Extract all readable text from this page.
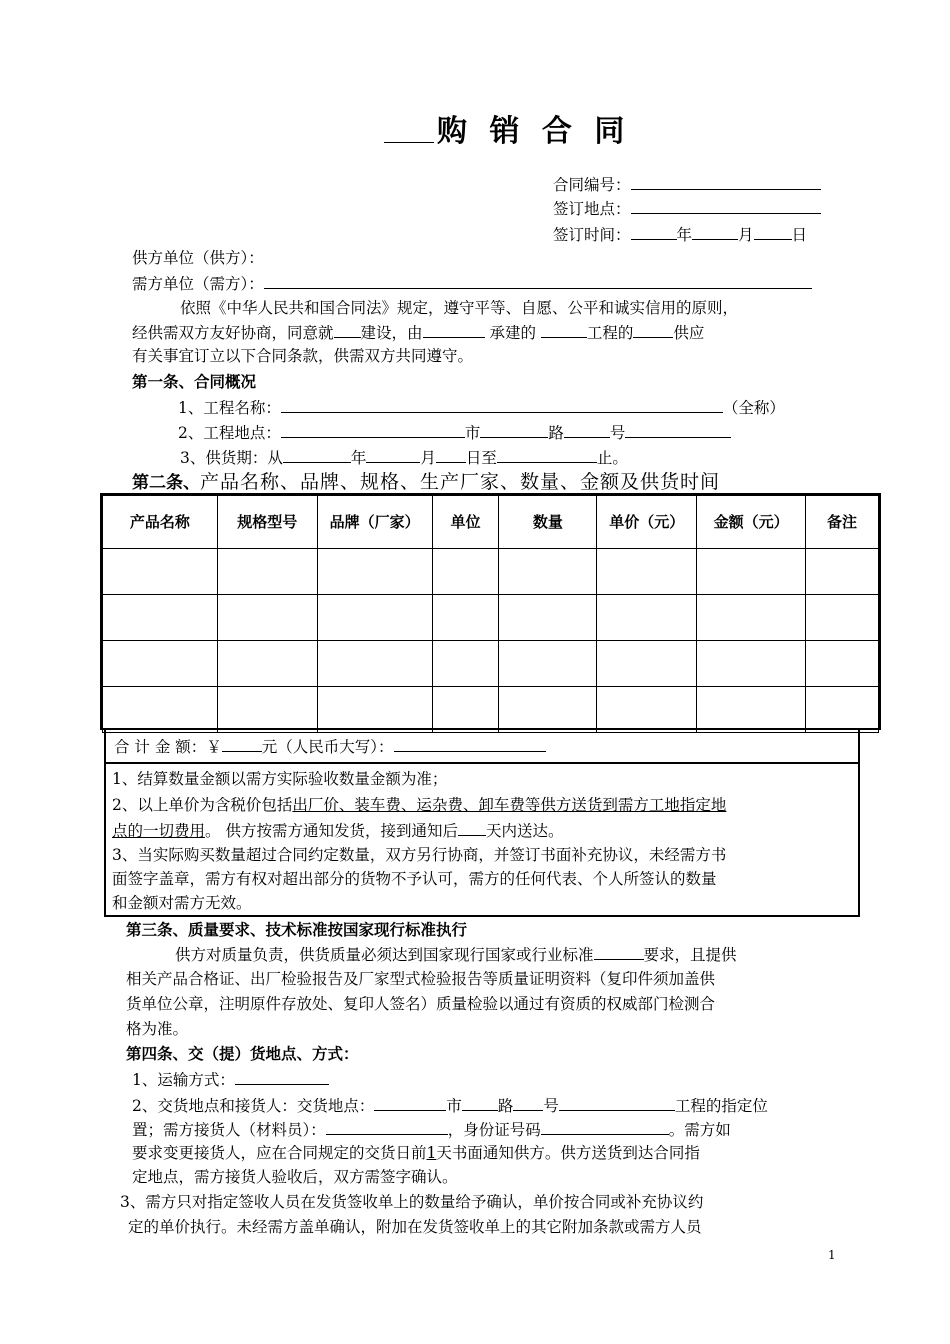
购 销 合 同
合同编号：
签订地点：
签订时间：	年	月 日
供方单位（供方）：
需方单位（需方）：
依照《中华人民共和国合同法》规定，遵守平等、自愿、公平和诚实信用的原则，
经供需双方友好协商，同意就 建设，由	承建的	工程的	供应
有关事宜订立以下合同条款，供需双方共同遵守。
第一条、合同概况
1、工程名称：	（全称）
2、工程地点：	市	路	号
3、供货期：从	年	月 日至	止。
第二条、产品名称、品牌、规格、生产厂家、数量、金额及供货时间
产品名称	规格型号	品牌（厂家）	单位	数量	单价（元）	金额（元）	备注

合 计 金 额：￥	元（人民币大写）：
1、结算数量金额以需方实际验收数量金额为准；
2、以上单价为含税价包括出厂价、装车费、运杂费、卸车费等供方送货到需方工地指定地
点的一切费用。 供方按需方通知发货，接到通知后 天内送达。
3、当实际购买数量超过合同约定数量，双方另行协商，并签订书面补充协议，未经需方书
面签字盖章，需方有权对超出部分的货物不予认可，需方的任何代表、个人所签认的数量
和金额对需方无效。
第三条、质量要求、技术标准按国家现行标准执行
供方对质量负责，供货质量必须达到国家现行国家或行业标准	要求，且提供
相关产品合格证、出厂检验报告及厂家型式检验报告等质量证明资料（复印件须加盖供
货单位公章，注明原件存放处、复印人签名）质量检验以通过有资质的权威部门检测合
格为准。
第四条、交（提）货地点、方式：
1、运输方式：
2、交货地点和接货人：交货地点：	市 路 号	工程的指定位
置；需方接货人（材料员）：	，身份证号码	。需方如
要求变更接货人，应在合同规定的交货日前1天书面通知供方。供方送货到达合同指
定地点，需方接货人验收后，双方需签字确认。
3、需方只对指定签收人员在发货签收单上的数量给予确认，单价按合同或补充协议约
定的单价执行。未经需方盖单确认，附加在发货签收单上的其它附加条款或需方人员
1
